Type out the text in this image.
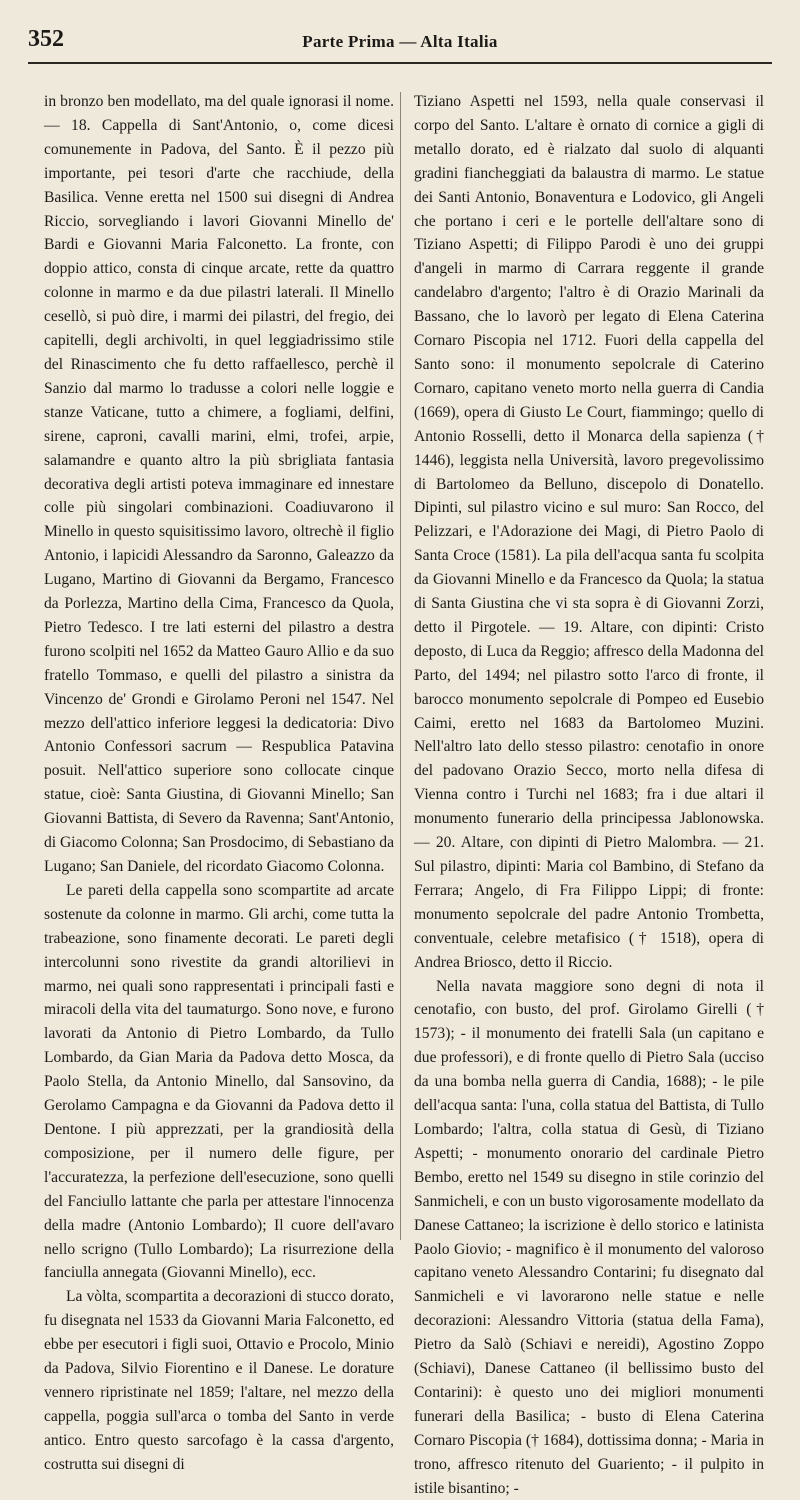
352	Parte Prima — Alta Italia

in bronzo ben modellato, ma del quale ignorasi il nome. — 18. Cappella di Sant'Antonio, o, come dicesi comunemente in Padova, del Santo. È il pezzo più importante, pei tesori d'arte che racchiude, della Basilica. Venne eretta nel 1500 sui disegni di Andrea Riccio, sorvegliando i lavori Giovanni Minello de' Bardi e Giovanni Maria Falconetto. La fronte, con doppio attico, consta di cinque arcate, rette da quattro colonne in marmo e da due pilastri laterali. Il Minello cesellò, si può dire, i marmi dei pilastri, del fregio, dei capitelli, degli archivolti, in quel leggiadrissimo stile del Rinascimento che fu detto raffaellesco, perchè il Sanzio dal marmo lo tradusse a colori nelle loggie e stanze Vaticane, tutto a chimere, a fogliami, delfini, sirene, caproni, cavalli marini, elmi, trofei, arpie, salamandre e quanto altro la più sbrigliata fantasia decorativa degli artisti poteva immaginare ed innestare colle più singolari combinazioni. Coadiuvarono il Minello in questo squisitissimo lavoro, oltrechè il figlio Antonio, i lapicidi Alessandro da Saronno, Galeazzo da Lugano, Martino di Giovanni da Bergamo, Francesco da Porlezza, Martino della Cima, Francesco da Quola, Pietro Tedesco. I tre lati esterni del pilastro a destra furono scolpiti nel 1652 da Matteo Gauro Allio e da suo fratello Tommaso, e quelli del pilastro a sinistra da Vincenzo de' Grondi e Girolamo Peroni nel 1547. Nel mezzo dell'attico inferiore leggesi la dedicatoria: Divo Antonio Confessori sacrum — Respublica Patavina posuit. Nell'attico superiore sono collocate cinque statue, cioè: Santa Giustina, di Giovanni Minello; San Giovanni Battista, di Severo da Ravenna; Sant'Antonio, di Giacomo Colonna; San Prosdocimo, di Sebastiano da Lugano; San Daniele, del ricordato Giacomo Colonna.

Le pareti della cappella sono scompartite ad arcate sostenute da colonne in marmo. Gli archi, come tutta la trabeazione, sono finamente decorati. Le pareti degli intercolunni sono rivestite da grandi altorilievi in marmo, nei quali sono rappresentati i principali fasti e miracoli della vita del taumaturgo. Sono nove, e furono lavorati da Antonio di Pietro Lombardo, da Tullo Lombardo, da Gian Maria da Padova detto Mosca, da Paolo Stella, da Antonio Minello, dal Sansovino, da Gerolamo Campagna e da Giovanni da Padova detto il Dentone. I più apprezzati, per la grandiosità della composizione, per il numero delle figure, per l'accuratezza, la perfezione dell'esecuzione, sono quelli del Fanciullo lattante che parla per attestare l'innocenza della madre (Antonio Lombardo); Il cuore dell'avaro nello scrigno (Tullo Lombardo); La risurrezione della fanciulla annegata (Giovanni Minello), ecc.

La vòlta, scompartita a decorazioni di stucco dorato, fu disegnata nel 1533 da Giovanni Maria Falconetto, ed ebbe per esecutori i figli suoi, Ottavio e Procolo, Minio da Padova, Silvio Fiorentino e il Danese. Le dorature vennero ripristinate nel 1859; l'altare, nel mezzo della cappella, poggia sull'arca o tomba del Santo in verde antico. Entro questo sarcofago è la cassa d'argento, costrutta sui disegni di

Tiziano Aspetti nel 1593, nella quale conservasi il corpo del Santo. L'altare è ornato di cornice a gigli di metallo dorato, ed è rialzato dal suolo di alquanti gradini fiancheggiati da balaustra di marmo. Le statue dei Santi Antonio, Bonaventura e Lodovico, gli Angeli che portano i ceri e le portelle dell'altare sono di Tiziano Aspetti; di Filippo Parodi è uno dei gruppi d'angeli in marmo di Carrara reggente il grande candelabro d'argento; l'altro è di Orazio Marinali da Bassano, che lo lavorò per legato di Elena Caterina Cornaro Piscopia nel 1712. Fuori della cappella del Santo sono: il monumento sepolcrale di Caterino Cornaro, capitano veneto morto nella guerra di Candia (1669), opera di Giusto Le Court, fiammingo; quello di Antonio Rosselli, detto il Monarca della sapienza († 1446), leggista nella Università, lavoro pregevolissimo di Bartolomeo da Belluno, discepolo di Donatello. Dipinti, sul pilastro vicino e sul muro: San Rocco, del Pelizzari, e l'Adorazione dei Magi, di Pietro Paolo di Santa Croce (1581). La pila dell'acqua santa fu scolpita da Giovanni Minello e da Francesco da Quola; la statua di Santa Giustina che vi sta sopra è di Giovanni Zorzi, detto il Pirgotele. — 19. Altare, con dipinti: Cristo deposto, di Luca da Reggio; affresco della Madonna del Parto, del 1494; nel pilastro sotto l'arco di fronte, il barocco monumento sepolcrale di Pompeo ed Eusebio Caimi, eretto nel 1683 da Bartolomeo Muzini. Nell'altro lato dello stesso pilastro: cenotafio in onore del padovano Orazio Secco, morto nella difesa di Vienna contro i Turchi nel 1683; fra i due altari il monumento funerario della principessa Jablonowska. — 20. Altare, con dipinti di Pietro Malombra. — 21. Sul pilastro, dipinti: Maria col Bambino, di Stefano da Ferrara; Angelo, di Fra Filippo Lippi; di fronte: monumento sepolcrale del padre Antonio Trombetta, conventuale, celebre metafisico († 1518), opera di Andrea Briosco, detto il Riccio.

Nella navata maggiore sono degni di nota il cenotafio, con busto, del prof. Girolamo Girelli († 1573); - il monumento dei fratelli Sala (un capitano e due professori), e di fronte quello di Pietro Sala (ucciso da una bomba nella guerra di Candia, 1688); - le pile dell'acqua santa: l'una, colla statua del Battista, di Tullo Lombardo; l'altra, colla statua di Gesù, di Tiziano Aspetti; - monumento onorario del cardinale Pietro Bembo, eretto nel 1549 su disegno in stile corinzio del Sanmicheli, e con un busto vigorosamente modellato da Danese Cattaneo; la iscrizione è dello storico e latinista Paolo Giovio; - magnifico è il monumento del valoroso capitano veneto Alessandro Contarini; fu disegnato dal Sanmicheli e vi lavorarono nelle statue e nelle decorazioni: Alessandro Vittoria (statua della Fama), Pietro da Salò (Schiavi e nereidi), Agostino Zoppo (Schiavi), Danese Cattaneo (il bellissimo busto del Contarini): è questo uno dei migliori monumenti funerari della Basilica; - busto di Elena Caterina Cornaro Piscopia († 1684), dottissima donna; - Maria in trono, affresco ritenuto del Guariento; - il pulpito in istile bisantino; -
